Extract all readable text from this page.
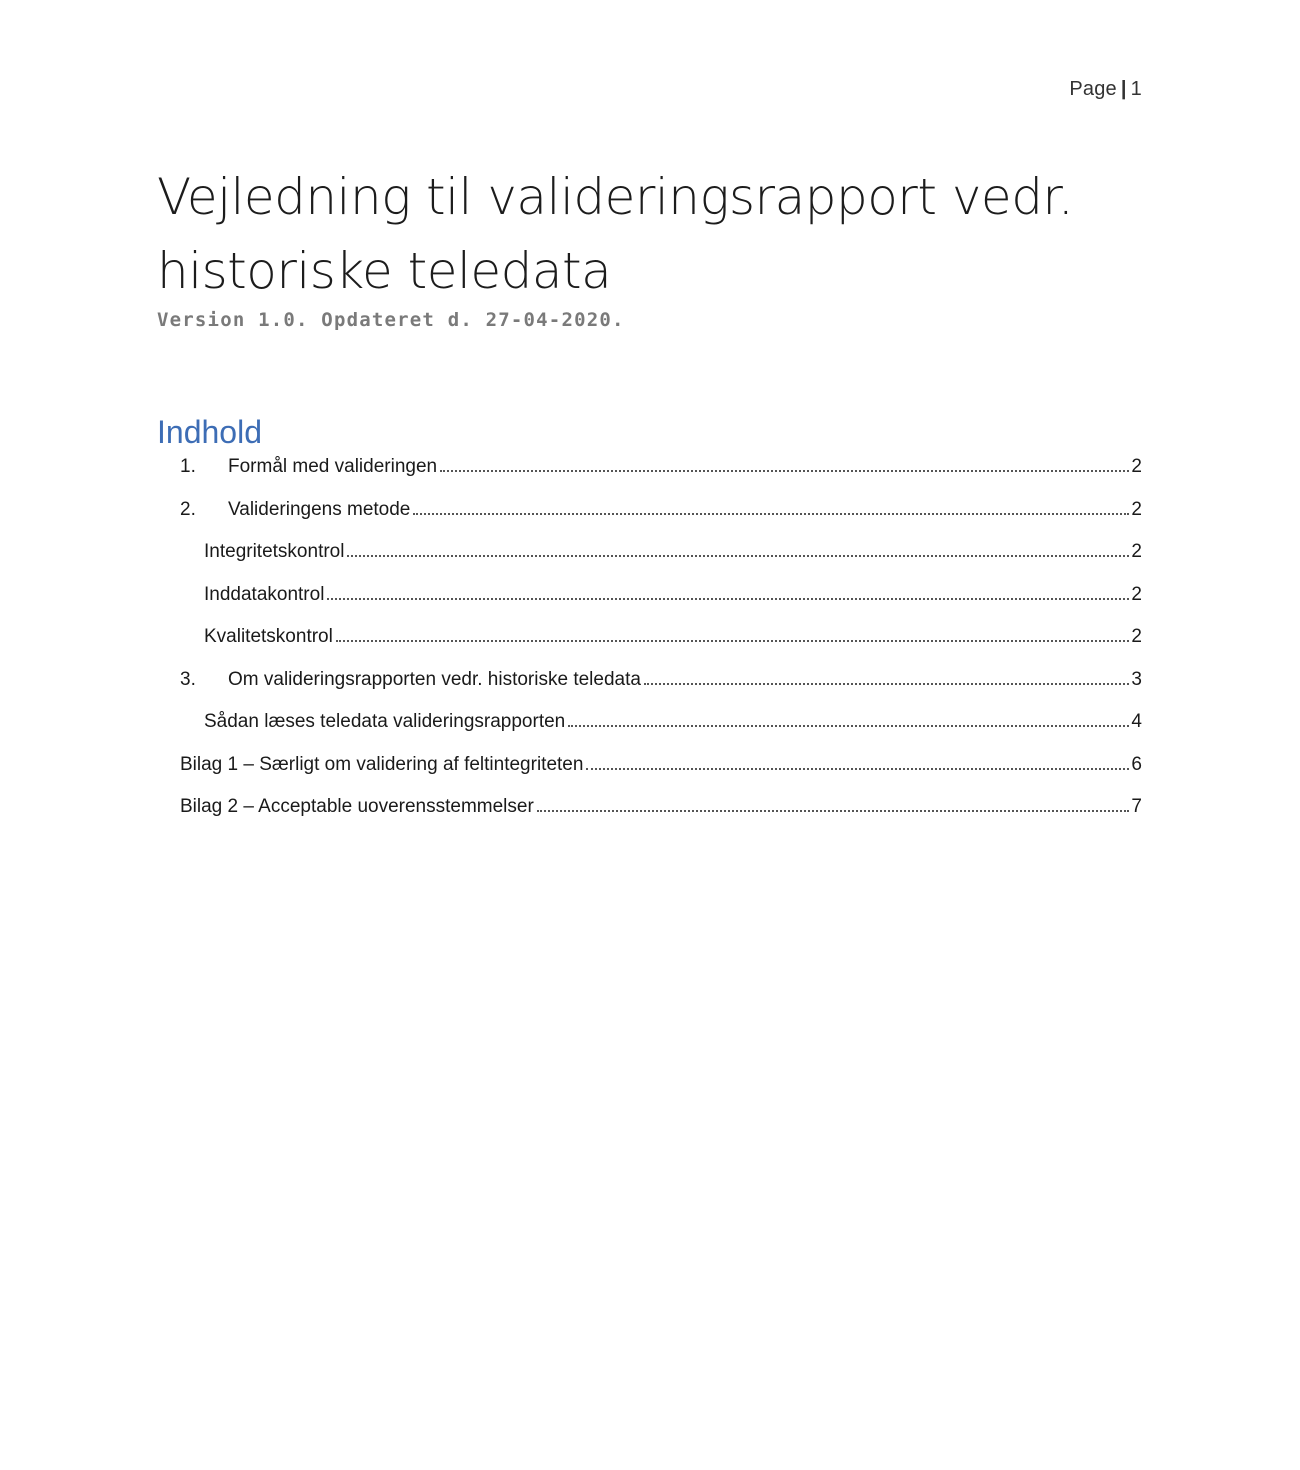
Page | 1
Vejledning til valideringsrapport vedr. historiske teledata
Version 1.0. Opdateret d. 27-04-2020.
Indhold
1.	Formål med valideringen	2
2.	Valideringens metode	2
Integritetskontrol	2
Inddatakontrol	2
Kvalitetskontrol	2
3.	Om valideringsrapporten vedr. historiske teledata	3
Sådan læses teledata valideringsrapporten	4
Bilag 1 – Særligt om validering af feltintegriteten	6
Bilag 2 – Acceptable uoverensstemmelser	7
